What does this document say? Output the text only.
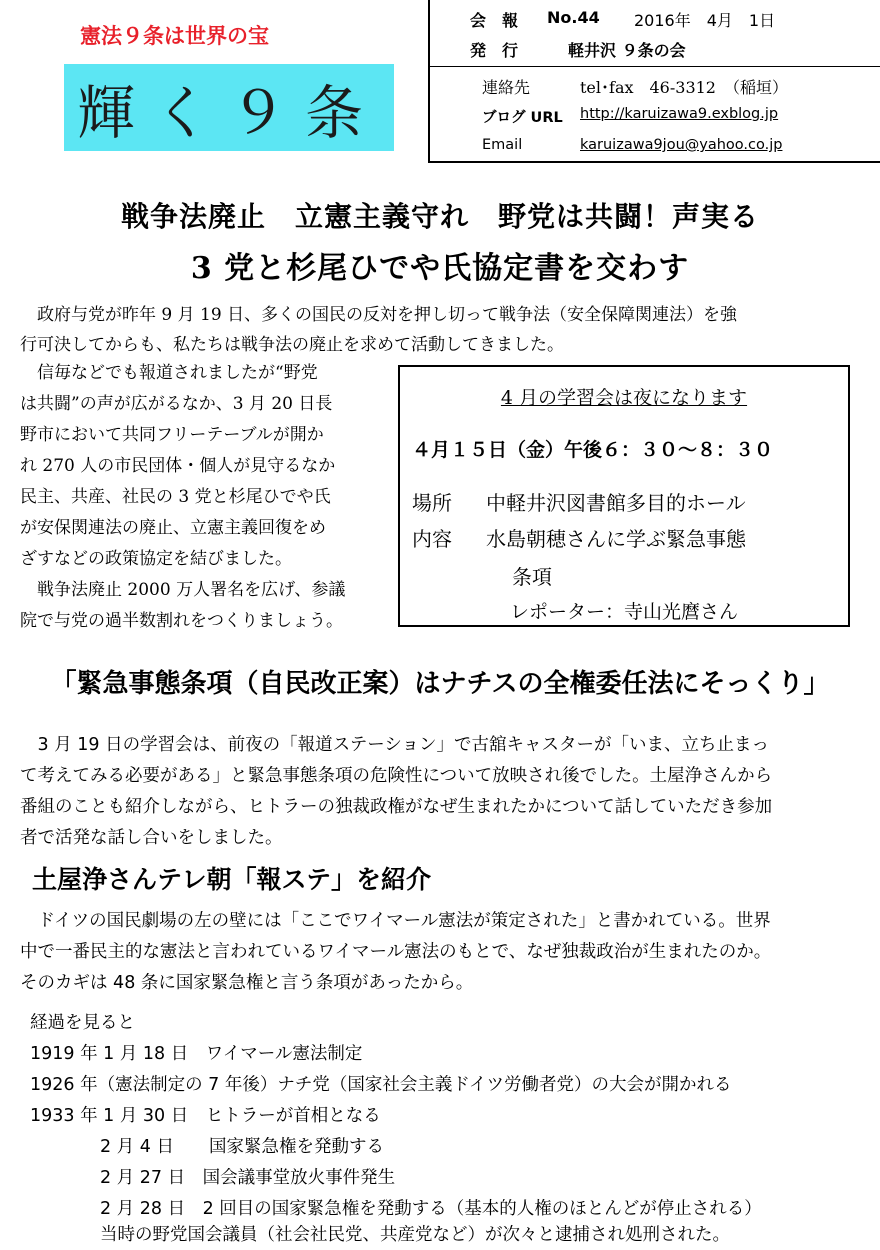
憲法９条は世界の宝
輝く９条
会　報 No.44 2016年　4月　1日
発　行	軽井沢 ９条の会
連絡先	tel･fax　46-3312　（稲垣）
ブログ URL http://karuizawa9.exblog.jp
Email	karuizawa9jou@yahoo.co.jp
戦争法廃止　立憲主義守れ　野党は共闘！声実る
3 党と杉尾ひでや氏協定書を交わす
　政府与党が昨年 9 月 19 日、多くの国民の反対を押し切って戦争法（安全保障関連法）を強
行可決してからも、私たちは戦争法の廃止を求めて活動してきました。
　信毎などでも報道されましたが“野党
は共闘”の声が広がるなか、3 月 20 日長
野市において共同フリーテーブルが開か
れ 270 人の市民団体・個人が見守るなか
民主、共産、社民の 3 党と杉尾ひでや氏
が安保関連法の廃止、立憲主義回復をめ
ざすなどの政策協定を結びました。
　戦争法廃止 2000 万人署名を広げ、参議
院で与党の過半数割れをつくりましょう。
4 月の学習会は夜になります
４月１５日（金）午後６：３０〜８：３０
場所 中軽井沢図書館多目的ホール
内容 水島朝穂さんに学ぶ緊急事態
条項
レポーター：寺山光麿さん
「緊急事態条項（自民改正案）はナチスの全権委任法にそっくり」
　3 月 19 日の学習会は、前夜の「報道ステーション」で古舘キャスターが「いま、立ち止まっ
て考えてみる必要がある」と緊急事態条項の危険性について放映され後でした。土屋浄さんから
番組のことも紹介しながら、ヒトラーの独裁政権がなぜ生まれたかについて話していただき参加
者で活発な話し合いをしました。
土屋浄さんテレ朝「報ステ」を紹介
　ドイツの国民劇場の左の壁には「ここでワイマール憲法が策定された」と書かれている。世界
中で一番民主的な憲法と言われているワイマール憲法のもとで、なぜ独裁政治が生まれたのか。
そのカギは 48 条に国家緊急権と言う条項があったから。
経過を見ると
1919 年 1 月 18 日　ワイマール憲法制定
1926 年（憲法制定の 7 年後）ナチ党（国家社会主義ドイツ労働者党）の大会が開かれる
1933 年 1 月 30 日　ヒトラーが首相となる
　　　　2 月 4 日　　国家緊急権を発動する
　　　　2 月 27 日　国会議事堂放火事件発生
　　　　2 月 28 日　2 回目の国家緊急権を発動する（基本的人権のほとんどが停止される）
　　　　当時の野党国会議員（社会社民党、共産党など）が次々と逮捕され処刑された。
